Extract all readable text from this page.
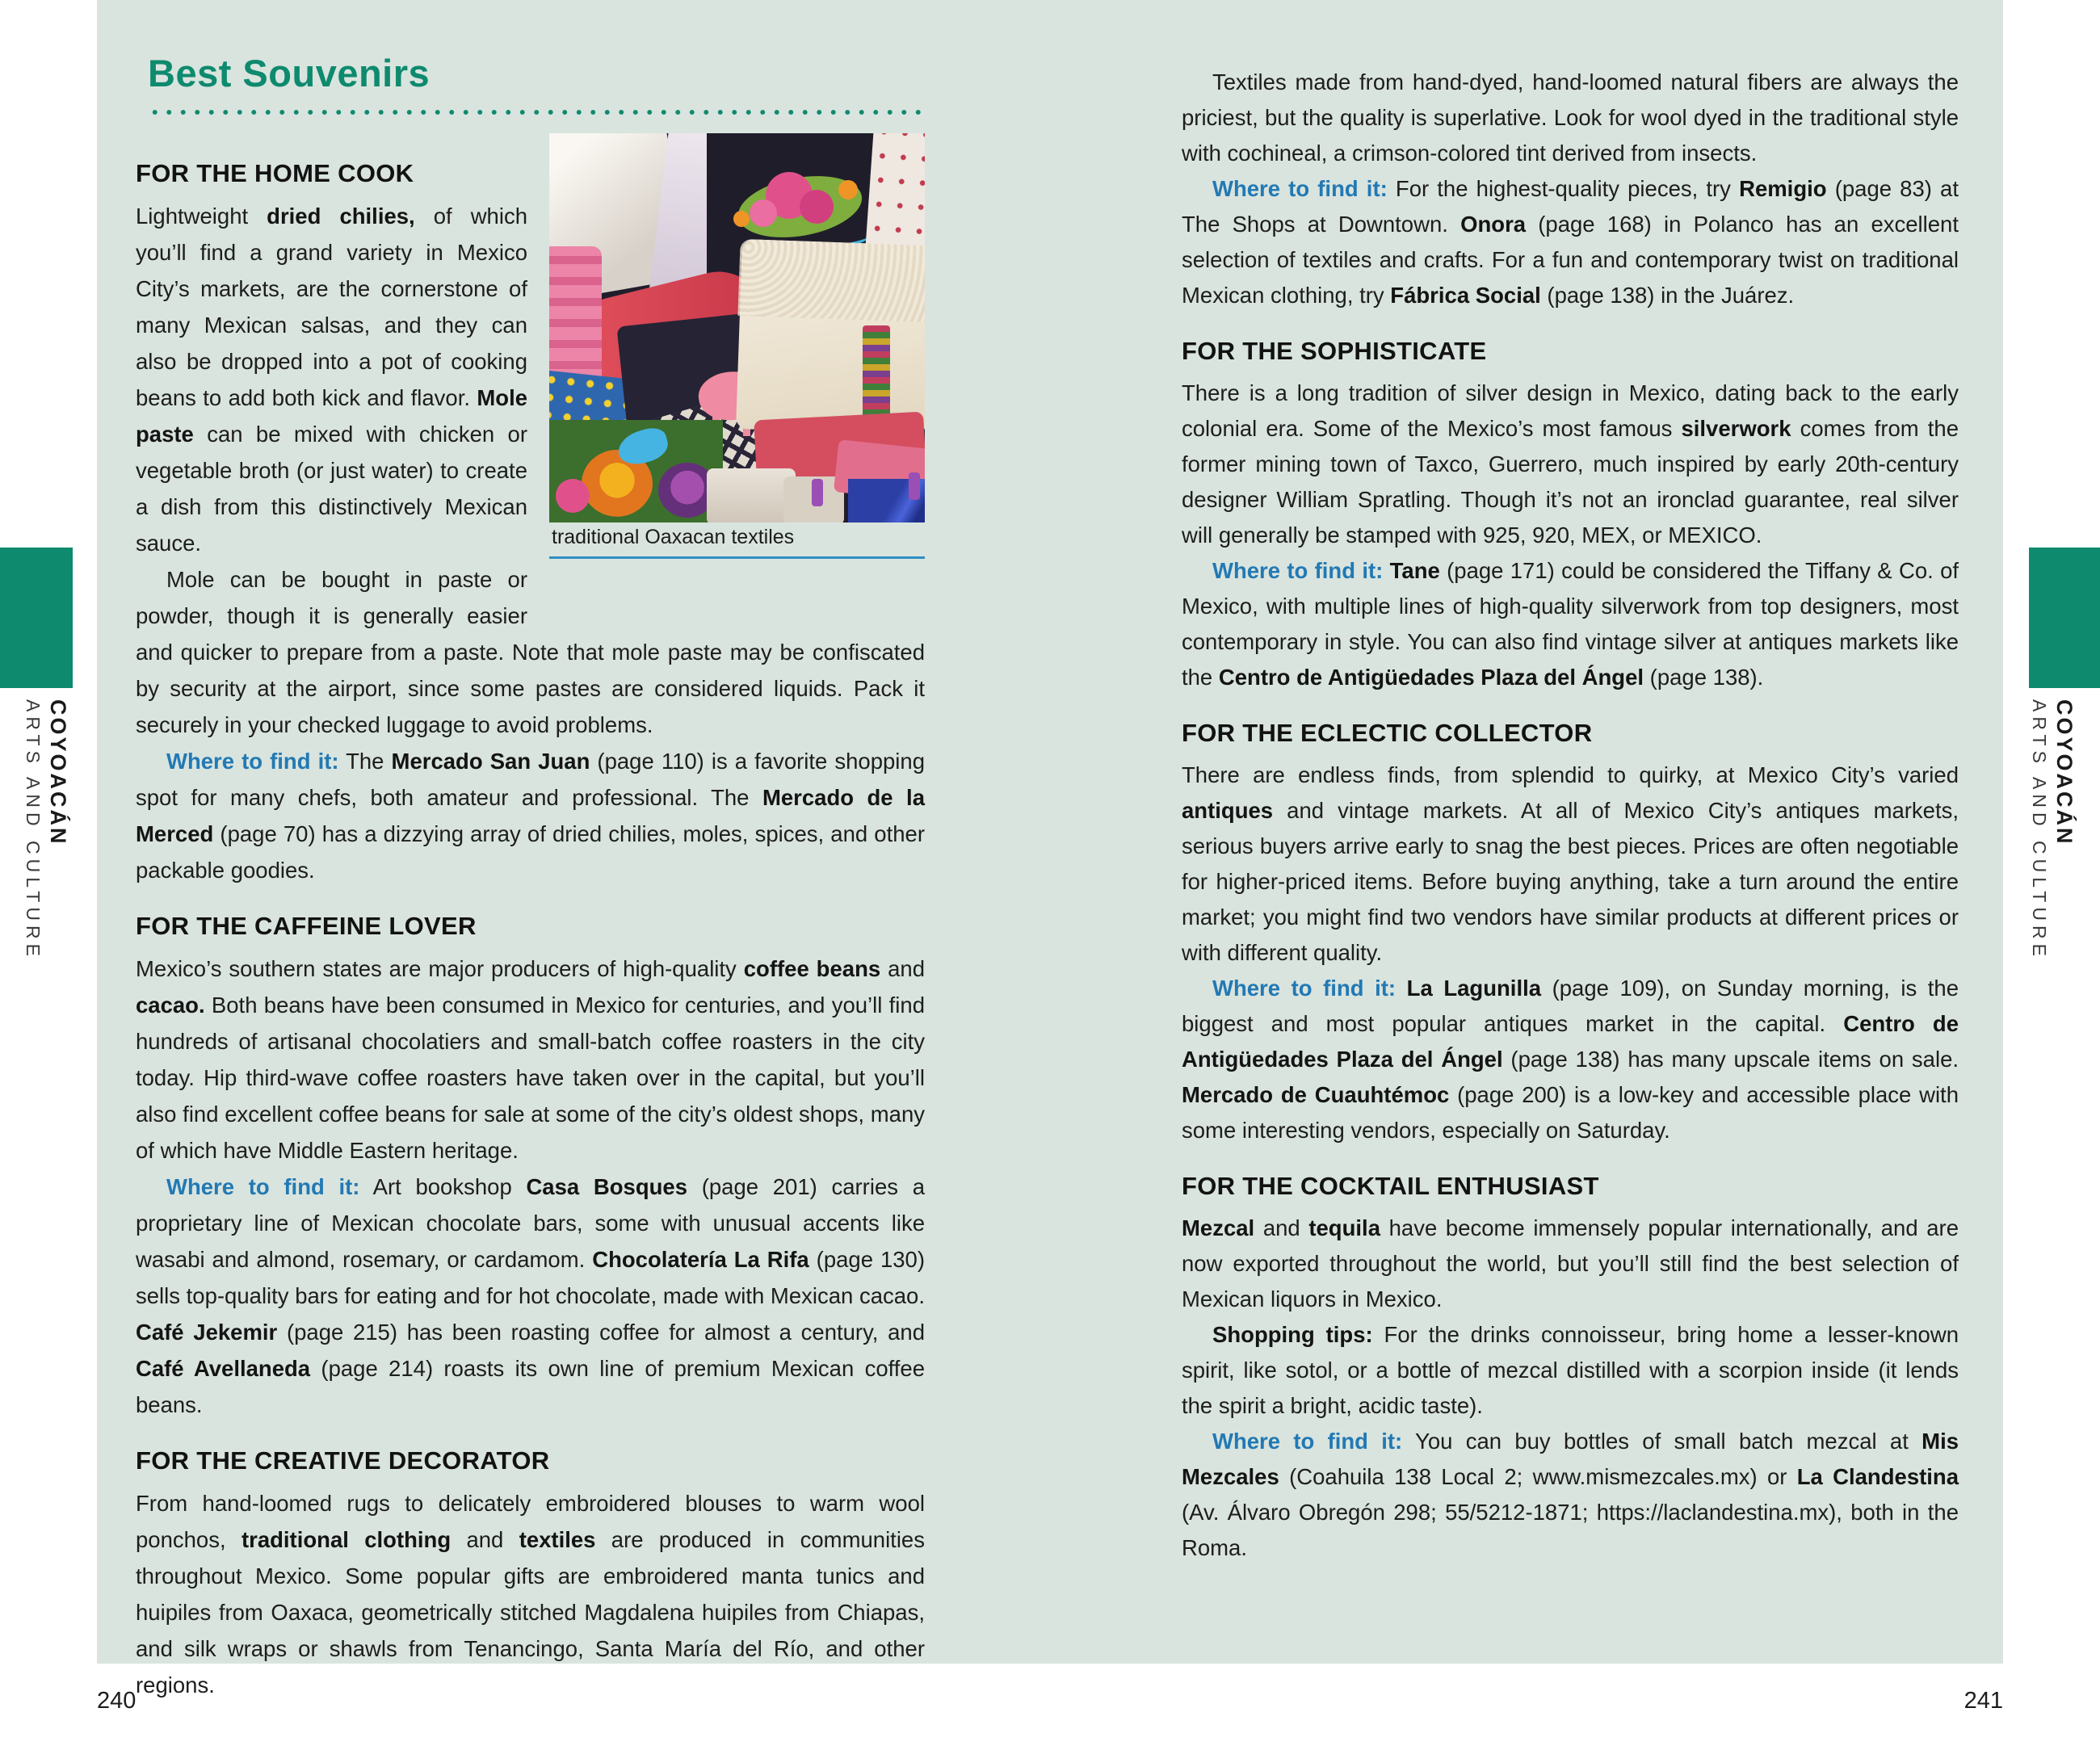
Best Souvenirs
FOR THE HOME COOK

Lightweight dried chilies, of which you’ll find a grand variety in Mexico City’s markets, are the cornerstone of many Mexican salsas, and they can also be dropped into a pot of cooking beans to add both kick and flavor. Mole paste can be mixed with chicken or vegetable broth (or just water) to create a dish from this distinctively Mexican sauce.

Mole can be bought in paste or powder, though it is generally easier and quicker to prepare from a paste. Note that mole paste may be confiscated by security at the airport, since some pastes are considered liquids. Pack it securely in your checked luggage to avoid problems.

Where to find it: The Mercado San Juan (page 110) is a favorite shopping spot for many chefs, both amateur and professional. The Mercado de la Merced (page 70) has a dizzying array of dried chilies, moles, spices, and other packable goodies.

FOR THE CAFFEINE LOVER

Mexico’s southern states are major producers of high-quality coffee beans and cacao. Both beans have been consumed in Mexico for centuries, and you’ll find hundreds of artisanal chocolatiers and small-batch coffee roasters in the city today. Hip third-wave coffee roasters have taken over in the capital, but you’ll also find excellent coffee beans for sale at some of the city’s oldest shops, many of which have Middle Eastern heritage.

Where to find it: Art bookshop Casa Bosques (page 201) carries a proprietary line of Mexican chocolate bars, some with unusual accents like wasabi and almond, rosemary, or cardamom. Chocolatería La Rifa (page 130) sells top-quality bars for eating and for hot chocolate, made with Mexican cacao. Café Jekemir (page 215) has been roasting coffee for almost a century, and Café Avellaneda (page 214) roasts its own line of premium Mexican coffee beans.

FOR THE CREATIVE DECORATOR

From hand-loomed rugs to delicately embroidered blouses to warm wool ponchos, traditional clothing and textiles are produced in communities throughout Mexico. Some popular gifts are embroidered manta tunics and huipiles from Oaxaca, geometrically stitched Magdalena huipiles from Chiapas, and silk wraps or shawls from Tenancingo, Santa María del Río, and other regions.

traditional Oaxacan textiles

240

Textiles made from hand-dyed, hand-loomed natural fibers are always the priciest, but the quality is superlative. Look for wool dyed in the traditional style with cochineal, a crimson-colored tint derived from insects.

Where to find it: For the highest-quality pieces, try Remigio (page 83) at The Shops at Downtown. Onora (page 168) in Polanco has an excellent selection of textiles and crafts. For a fun and contemporary twist on traditional Mexican clothing, try Fábrica Social (page 138) in the Juárez.

FOR THE SOPHISTICATE

There is a long tradition of silver design in Mexico, dating back to the early colonial era. Some of the Mexico’s most famous silverwork comes from the former mining town of Taxco, Guerrero, much inspired by early 20th-century designer William Spratling. Though it’s not an ironclad guarantee, real silver will generally be stamped with 925, 920, MEX, or MEXICO.

Where to find it: Tane (page 171) could be considered the Tiffany & Co. of Mexico, with multiple lines of high-quality silverwork from top designers, most contemporary in style. You can also find vintage silver at antiques markets like the Centro de Antigüedades Plaza del Ángel (page 138).

FOR THE ECLECTIC COLLECTOR

There are endless finds, from splendid to quirky, at Mexico City’s varied antiques and vintage markets. At all of Mexico City’s antiques markets, serious buyers arrive early to snag the best pieces. Prices are often negotiable for higher-priced items. Before buying anything, take a turn around the entire market; you might find two vendors have similar products at different prices or with different quality.

Where to find it: La Lagunilla (page 109), on Sunday morning, is the biggest and most popular antiques market in the capital. Centro de Antigüedades Plaza del Ángel (page 138) has many upscale items on sale. Mercado de Cuauhtémoc (page 200) is a low-key and accessible place with some interesting vendors, especially on Saturday.

FOR THE COCKTAIL ENTHUSIAST

Mezcal and tequila have become immensely popular internationally, and are now exported throughout the world, but you’ll still find the best selection of Mexican liquors in Mexico.

Shopping tips: For the drinks connoisseur, bring home a lesser-known spirit, like sotol, or a bottle of mezcal distilled with a scorpion inside (it lends the spirit a bright, acidic taste).

Where to find it: You can buy bottles of small batch mezcal at Mis Mezcales (Coahuila 138 Local 2; www.mismezcales.mx) or La Clandestina (Av. Álvaro Obregón 298; 55/5212-1871; https://laclandestina.mx), both in the Roma.

241
COYOACÁN
ARTS AND CULTURE	COYOACÁN
ARTS AND CULTURE
